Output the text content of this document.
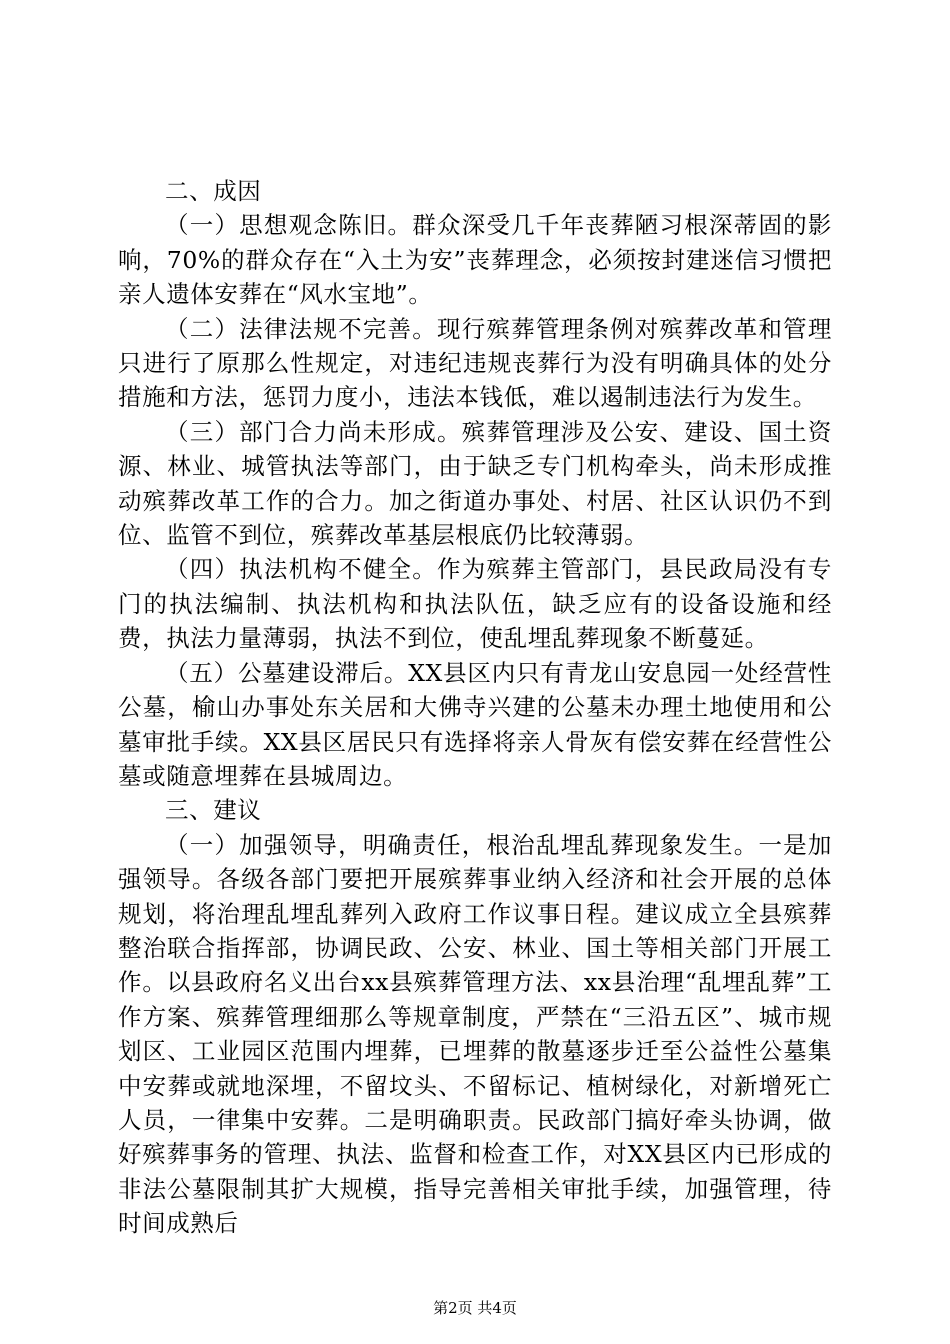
二、成因

（一）思想观念陈旧。群众深受几千年丧葬陋习根深蒂固的影响，70%的群众存在“入土为安”丧葬理念，必须按封建迷信习惯把亲人遗体安葬在“风水宝地”。

（二）法律法规不完善。现行殡葬管理条例对殡葬改革和管理只进行了原那么性规定，对违纪违规丧葬行为没有明确具体的处分措施和方法，惩罚力度小，违法本钱低，难以遏制违法行为发生。

（三）部门合力尚未形成。殡葬管理涉及公安、建设、国土资源、林业、城管执法等部门，由于缺乏专门机构牵头，尚未形成推动殡葬改革工作的合力。加之街道办事处、村居、社区认识仍不到位、监管不到位，殡葬改革基层根底仍比较薄弱。

（四）执法机构不健全。作为殡葬主管部门，县民政局没有专门的执法编制、执法机构和执法队伍，缺乏应有的设备设施和经费，执法力量薄弱，执法不到位，使乱埋乱葬现象不断蔓延。

（五）公墓建设滞后。XX县区内只有青龙山安息园一处经营性公墓，榆山办事处东关居和大佛寺兴建的公墓未办理土地使用和公墓审批手续。XX县区居民只有选择将亲人骨灰有偿安葬在经营性公墓或随意埋葬在县城周边。

三、建议

（一）加强领导，明确责任，根治乱埋乱葬现象发生。一是加强领导。各级各部门要把开展殡葬事业纳入经济和社会开展的总体规划，将治理乱埋乱葬列入政府工作议事日程。建议成立全县殡葬整治联合指挥部，协调民政、公安、林业、国土等相关部门开展工作。以县政府名义出台xx县殡葬管理方法、xx县治理“乱埋乱葬”工作方案、殡葬管理细那么等规章制度，严禁在“三沿五区”、城市规划区、工业园区范围内埋葬，已埋葬的散墓逐步迁至公益性公墓集中安葬或就地深埋，不留坟头、不留标记、植树绿化，对新增死亡人员，一律集中安葬。二是明确职责。民政部门搞好牵头协调，做好殡葬事务的管理、执法、监督和检查工作，对XX县区内已形成的非法公墓限制其扩大规模，指导完善相关审批手续，加强管理，待时间成熟后

第2页 共4页
